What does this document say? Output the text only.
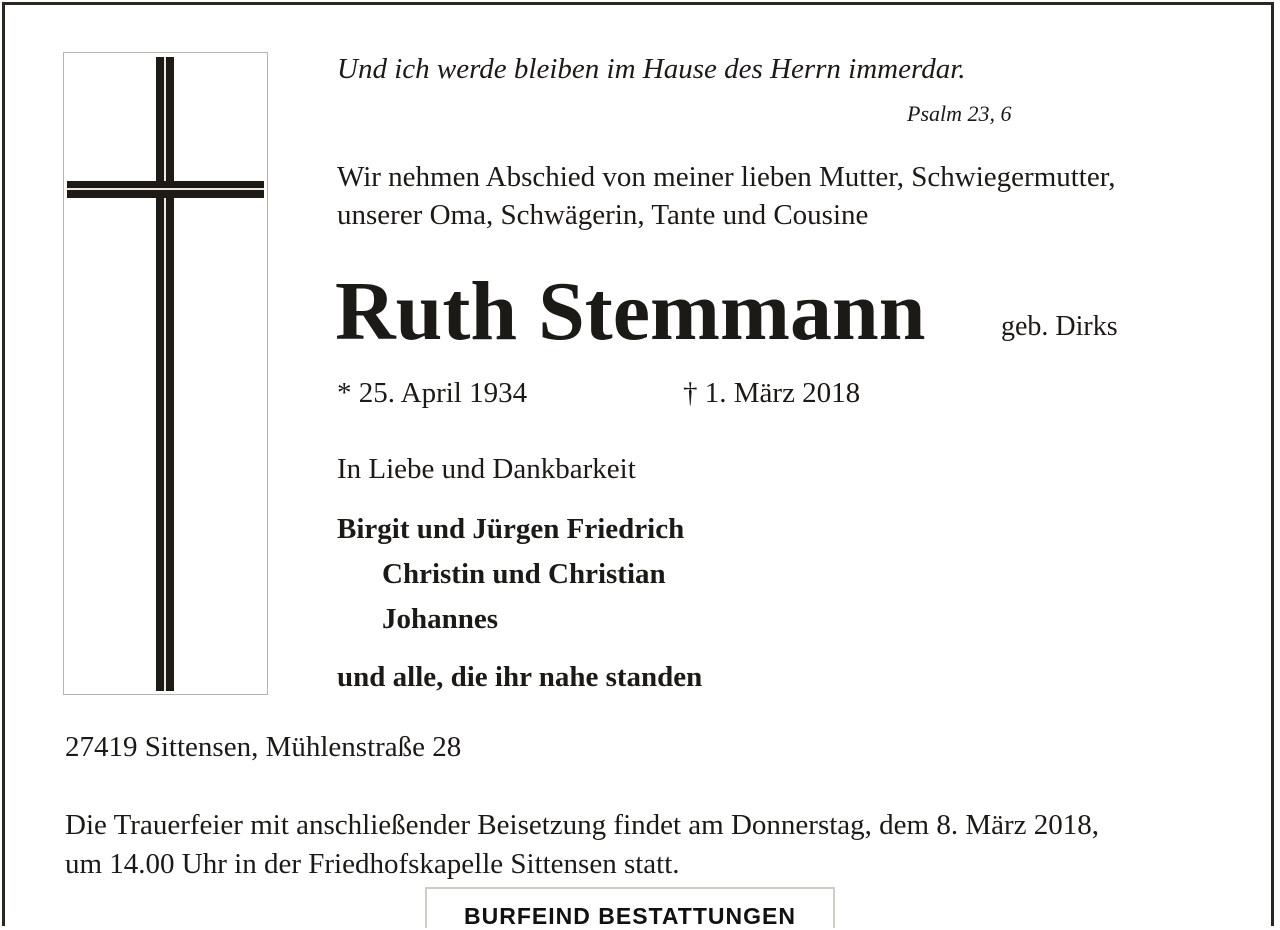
Und ich werde bleiben im Hause des Herrn immerdar.
Psalm 23, 6
Wir nehmen Abschied von meiner lieben Mutter, Schwiegermutter,
unserer Oma, Schwägerin, Tante und Cousine
Ruth Stemmann	geb. Dirks
* 25. April 1934	† 1. März 2018
In Liebe und Dankbarkeit
Birgit und Jürgen Friedrich
Christin und Christian
Johannes
und alle, die ihr nahe standen
27419 Sittensen, Mühlenstraße 28
Die Trauerfeier mit anschließender Beisetzung findet am Donnerstag, dem 8. März 2018,
um 14.00 Uhr in der Friedhofskapelle Sittensen statt.
BURFEIND BESTATTUNGEN
